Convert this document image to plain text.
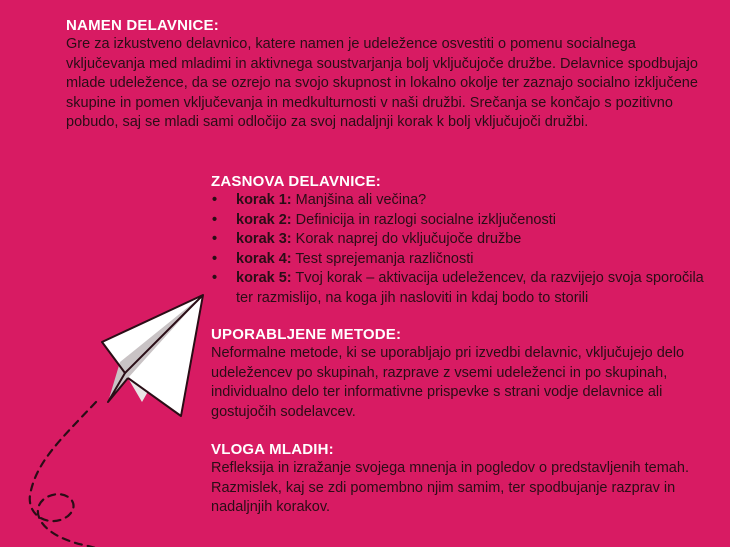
NAMEN DELAVNICE:

Gre za izkustveno delavnico, katere namen je udeležence osvestiti o pomenu socialnega vključevanja med mladimi in aktivnega soustvarjanja bolj vključujoče družbe. Delavnice spodbujajo mlade udeležence, da se ozrejo na svojo skupnost in lokalno okolje ter zaznajo socialno izključene skupine in pomen vključevanja in medkulturnosti v naši družbi. Srečanja se končajo s pozitivno pobudo, saj se mladi sami odločijo za svoj nadaljnji korak k bolj vključujoči družbi.

ZASNOVA DELAVNICE:
• korak 1: Manjšina ali večina?
• korak 2: Definicija in razlogi socialne izključenosti
• korak 3: Korak naprej do vključujoče družbe
• korak 4: Test sprejemanja različnosti
• korak 5: Tvoj korak – aktivacija udeležencev, da razvijejo svoja sporočila ter razmislijo, na koga jih nasloviti in kdaj bodo to storili
UPORABLJENE METODE:

Neformalne metode, ki se uporabljajo pri izvedbi delavnic, vključujejo delo udeležencev po skupinah, razprave z vsemi udeleženci in po skupinah, individualno delo ter informativne prispevke s strani vodje delavnice ali gostujočih sodelavcev.

VLOGA MLADIH:

Refleksija in izražanje svojega mnenja in pogledov o predstavljenih temah. Razmislek, kaj se zdi pomembno njim samim, ter spodbujanje razprav in nadaljnjih korakov.
